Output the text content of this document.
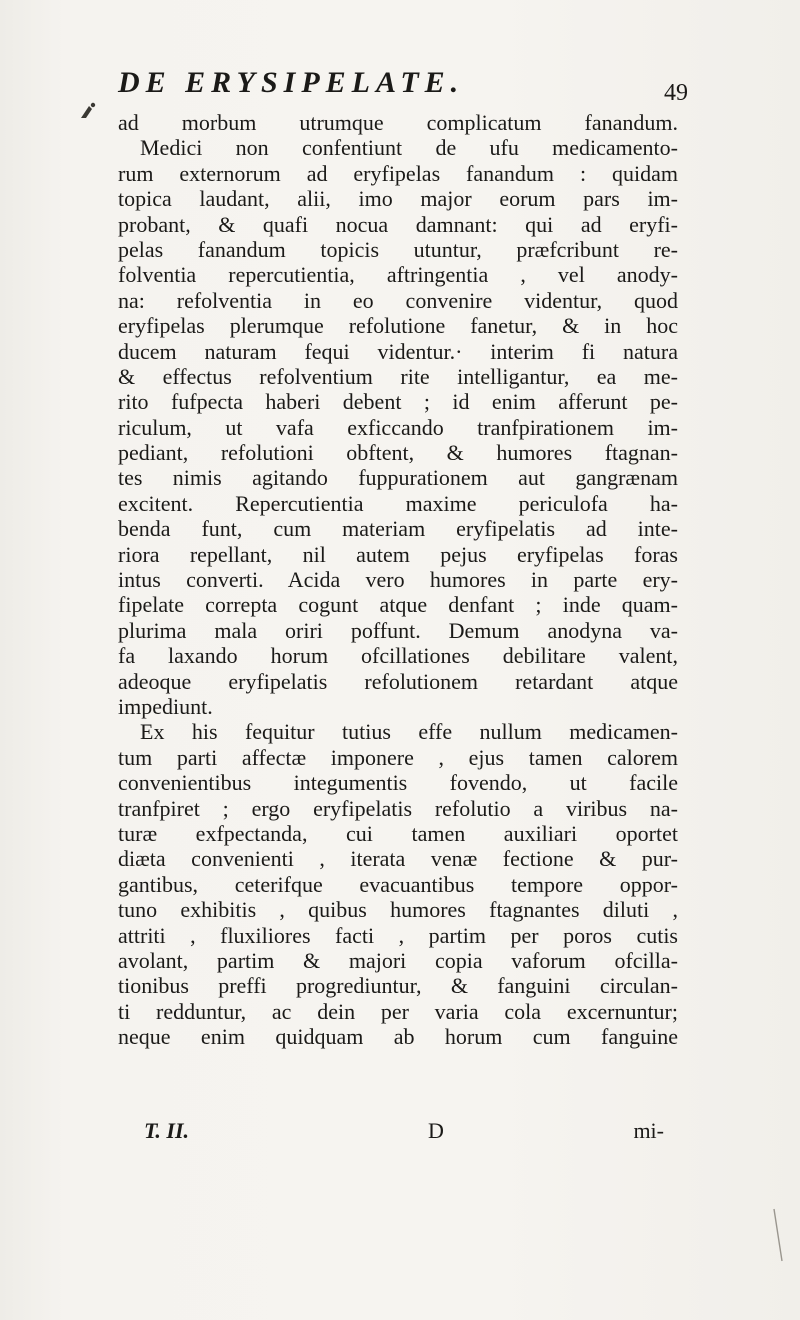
DE ERYSIPELATE.	49
ad morbum utrumque complicatum fanandum.
Medici non confentiunt de ufu medicamento-
rum externorum ad eryfipelas fanandum : quidam
topica laudant, alii, imo major eorum pars im-
probant, & quafi nocua damnant: qui ad eryfi-
pelas fanandum topicis utuntur, præfcribunt re-
folventia repercutientia, aftringentia , vel anody-
na: refolventia in eo convenire videntur, quod
eryfipelas plerumque refolutione fanetur, & in hoc
ducem naturam fequi videntur.· interim fi natura
& effectus refolventium rite intelligantur, ea me-
rito fufpecta haberi debent ; id enim afferunt pe-
riculum, ut vafa exficcando tranfpirationem im-
pediant, refolutioni obftent, & humores ftagnan-
tes nimis agitando fuppurationem aut gangrænam
excitent. Repercutientia maxime periculofa ha-
benda funt, cum materiam eryfipelatis ad inte-
riora repellant, nil autem pejus eryfipelas foras
intus converti. Acida vero humores in parte ery-
fipelate correpta cogunt atque denfant ; inde quam-
plurima mala oriri poffunt. Demum anodyna va-
fa laxando horum ofcillationes debilitare valent,
adeoque eryfipelatis refolutionem retardant atque
impediunt.
Ex his fequitur tutius effe nullum medicamen-
tum parti affectæ imponere , ejus tamen calorem
convenientibus integumentis fovendo, ut facile
tranfpiret ; ergo eryfipelatis refolutio a viribus na-
turæ exfpectanda, cui tamen auxiliari oportet
diæta convenienti , iterata venæ fectione & pur-
gantibus, ceterifque evacuantibus tempore oppor-
tuno exhibitis , quibus humores ftagnantes diluti ,
attriti , fluxiliores facti , partim per poros cutis
avolant, partim & majori copia vaforum ofcilla-
tionibus preffi progrediuntur, & fanguini circulan-
ti redduntur, ac dein per varia cola excernuntur;
neque enim quidquam ab horum cum fanguine
T. II.	D	mi-
